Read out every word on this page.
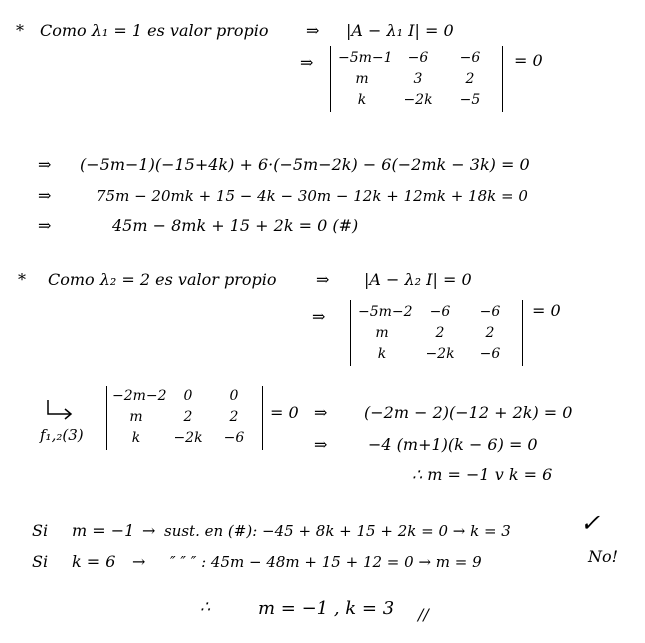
* Como λ₁ = 1 es valor propio ⇒ |A − λ₁ I| = 0
⇒ −5m−1	−6	−6
m	3	2
k	−2k	−5
= 0
⇒ (−5m−1)(−15+4k) + 6·(−5m−2k) − 6(−2mk − 3k) = 0
⇒	75m − 20mk + 15 − 4k − 30m − 12k + 12mk + 18k = 0
⇒	45m − 8mk + 15 + 2k = 0 (#)
* Como λ₂ = 2 es valor propio ⇒ |A − λ₂ I| = 0
⇒ −5m−2	−6	−6
m	2	2
k	−2k	−6
= 0
f₁,₂(3)
−2m−2	0	0
m	2	2
k	−2k	−6
= 0 ⇒ (−2m − 2)(−12 + 2k) = 0
⇒	−4 (m+1)(k − 6) = 0
∴ m = −1 v k = 6
Si m = −1 → sust. en (#): −45 + 8k + 15 + 2k = 0 → k = 3	✓
Si k = 6 → ″ ″ ″ : 45m − 48m + 15 + 12 = 0 → m = 9	No!
∴	m = −1 , k = 3 //
